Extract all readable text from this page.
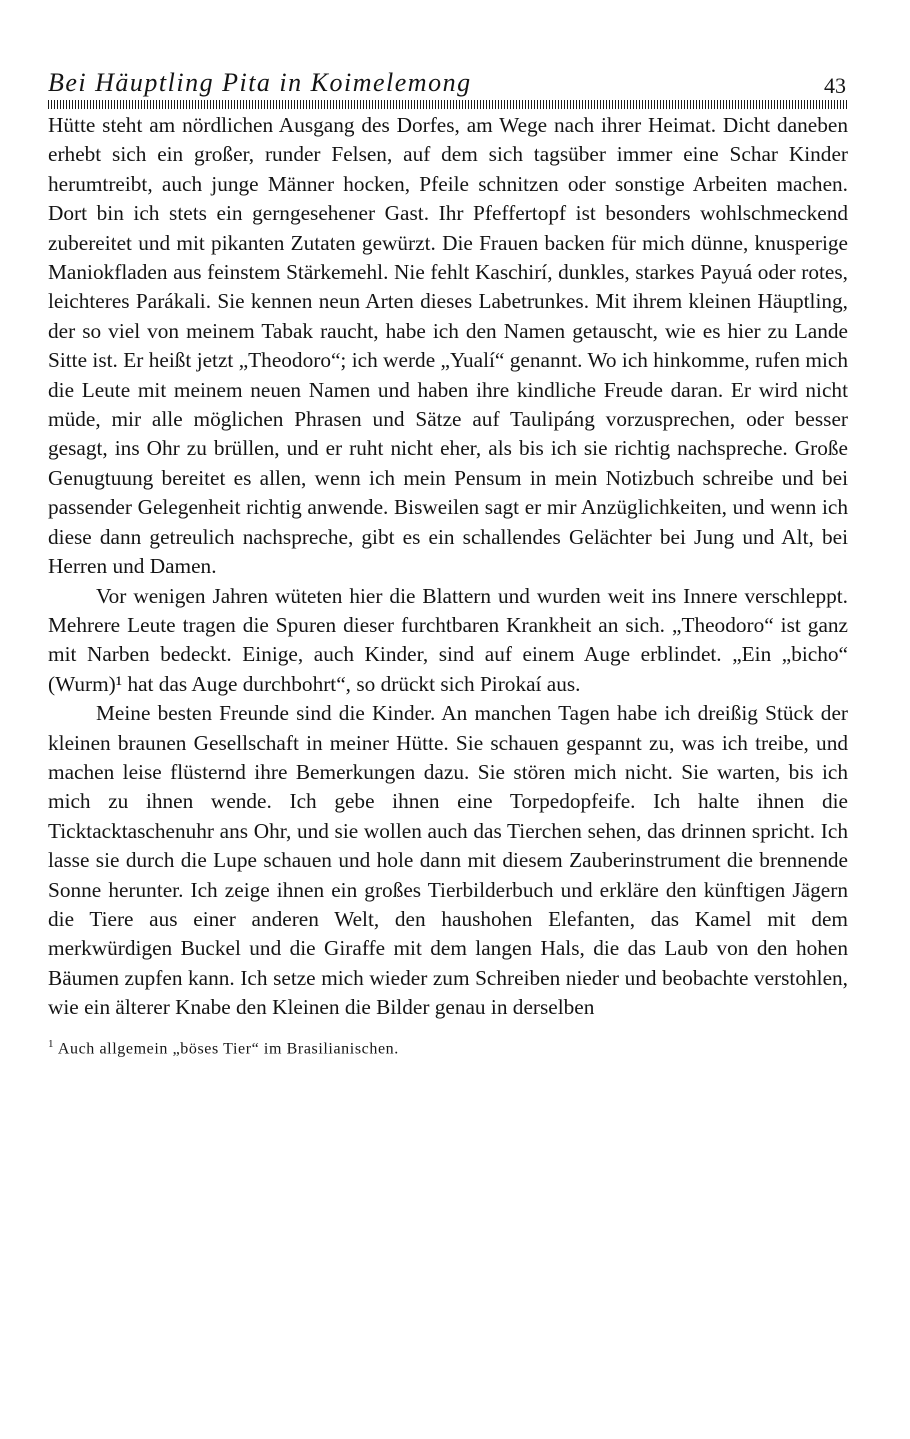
Bei Häuptling Pita in Koimelemong	43

Hütte steht am nördlichen Ausgang des Dorfes, am Wege nach ihrer Heimat. Dicht daneben erhebt sich ein großer, runder Felsen, auf dem sich tagsüber immer eine Schar Kinder herumtreibt, auch junge Männer hocken, Pfeile schnitzen oder sonstige Arbeiten machen. Dort bin ich stets ein gerngesehener Gast. Ihr Pfeffertopf ist besonders wohlschmeckend zubereitet und mit pikanten Zutaten gewürzt. Die Frauen backen für mich dünne, knusperige Maniokfladen aus feinstem Stärkemehl. Nie fehlt Kaschirí, dunkles, starkes Payuá oder rotes, leichteres Parákali. Sie kennen neun Arten dieses Labetrunkes. Mit ihrem kleinen Häuptling, der so viel von meinem Tabak raucht, habe ich den Namen getauscht, wie es hier zu Lande Sitte ist. Er heißt jetzt „Theodoro“; ich werde „Yualí“ genannt. Wo ich hinkomme, rufen mich die Leute mit meinem neuen Namen und haben ihre kindliche Freude daran. Er wird nicht müde, mir alle möglichen Phrasen und Sätze auf Taulipáng vorzusprechen, oder besser gesagt, ins Ohr zu brüllen, und er ruht nicht eher, als bis ich sie richtig nachspreche. Große Genugtuung bereitet es allen, wenn ich mein Pensum in mein Notizbuch schreibe und bei passender Gelegenheit richtig anwende. Bisweilen sagt er mir Anzüglichkeiten, und wenn ich diese dann getreulich nachspreche, gibt es ein schallendes Gelächter bei Jung und Alt, bei Herren und Damen.

Vor wenigen Jahren wüteten hier die Blattern und wurden weit ins Innere verschleppt. Mehrere Leute tragen die Spuren dieser furchtbaren Krankheit an sich. „Theodoro“ ist ganz mit Narben bedeckt. Einige, auch Kinder, sind auf einem Auge erblindet. „Ein „bicho“ (Wurm)¹ hat das Auge durchbohrt“, so drückt sich Pirokaí aus.

Meine besten Freunde sind die Kinder. An manchen Tagen habe ich dreißig Stück der kleinen braunen Gesellschaft in meiner Hütte. Sie schauen gespannt zu, was ich treibe, und machen leise flüsternd ihre Bemerkungen dazu. Sie stören mich nicht. Sie warten, bis ich mich zu ihnen wende. Ich gebe ihnen eine Torpedopfeife. Ich halte ihnen die Ticktacktaschenuhr ans Ohr, und sie wollen auch das Tierchen sehen, das drinnen spricht. Ich lasse sie durch die Lupe schauen und hole dann mit diesem Zauberinstrument die brennende Sonne herunter. Ich zeige ihnen ein großes Tierbilderbuch und erkläre den künftigen Jägern die Tiere aus einer anderen Welt, den haushohen Elefanten, das Kamel mit dem merkwürdigen Buckel und die Giraffe mit dem langen Hals, die das Laub von den hohen Bäumen zupfen kann. Ich setze mich wieder zum Schreiben nieder und beobachte verstohlen, wie ein älterer Knabe den Kleinen die Bilder genau in derselben

$^1$ Auch allgemein „böses Tier“ im Brasilianischen.
